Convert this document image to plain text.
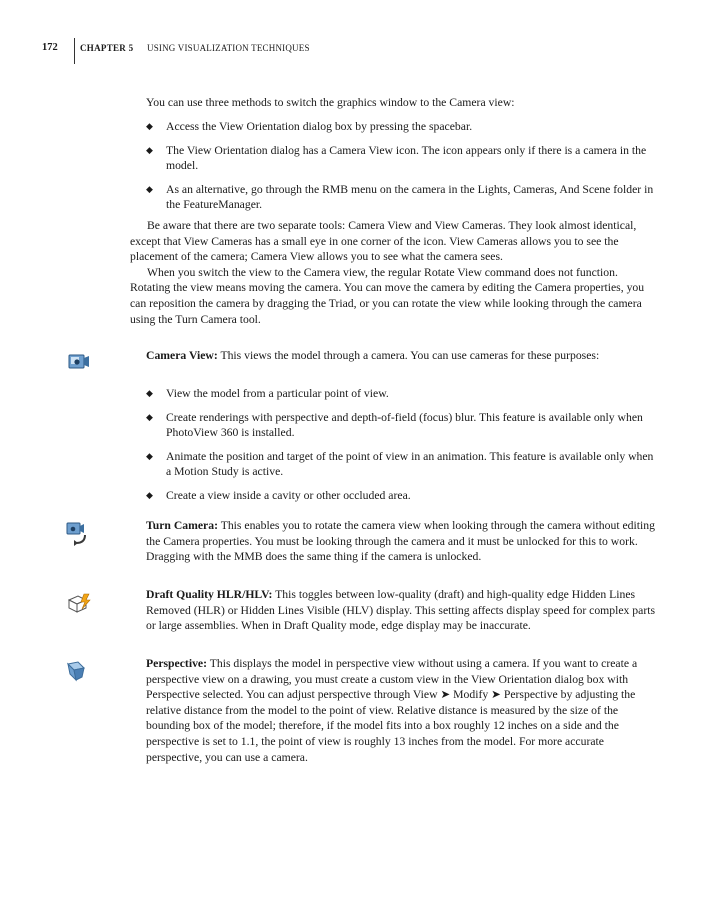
172 CHAPTER 5 USING VISUALIZATION TECHNIQUES

You can use three methods to switch the graphics window to the Camera view:

◆ Access the View Orientation dialog box by pressing the spacebar.
◆ The View Orientation dialog has a Camera View icon. The icon appears only if there is a camera in the model.
◆ As an alternative, go through the RMB menu on the camera in the Lights, Cameras, And Scene folder in the FeatureManager.

Be aware that there are two separate tools: Camera View and View Cameras. They look almost identical, except that View Cameras has a small eye in one corner of the icon. View Cameras allows you to see the placement of the camera; Camera View allows you to see what the camera sees.

When you switch the view to the Camera view, the regular Rotate View command does not function. Rotating the view means moving the camera. You can move the camera by editing the Camera properties, you can reposition the camera by dragging the Triad, or you can rotate the view while looking through the camera using the Turn Camera tool.

Camera View: This views the model through a camera. You can use cameras for these purposes:

◆ View the model from a particular point of view.
◆ Create renderings with perspective and depth-of-field (focus) blur. This feature is available only when PhotoView 360 is installed.
◆ Animate the position and target of the point of view in an animation. This feature is available only when a Motion Study is active.
◆ Create a view inside a cavity or other occluded area.

Turn Camera: This enables you to rotate the camera view when looking through the camera without editing the Camera properties. You must be looking through the camera and it must be unlocked for this to work. Dragging with the MMB does the same thing if the camera is unlocked.

Draft Quality HLR/HLV: This toggles between low-quality (draft) and high-quality edge Hidden Lines Removed (HLR) or Hidden Lines Visible (HLV) display. This setting affects display speed for complex parts or large assemblies. When in Draft Quality mode, edge display may be inaccurate.

Perspective: This displays the model in perspective view without using a camera. If you want to create a perspective view on a drawing, you must create a custom view in the View Orientation dialog box with Perspective selected. You can adjust perspective through View ➤ Modify ➤ Perspective by adjusting the relative distance from the model to the point of view. Relative distance is measured by the size of the bounding box of the model; therefore, if the model fits into a box roughly 12 inches on a side and the perspective is set to 1.1, the point of view is roughly 13 inches from the model. For more accurate perspective, you can use a camera.
